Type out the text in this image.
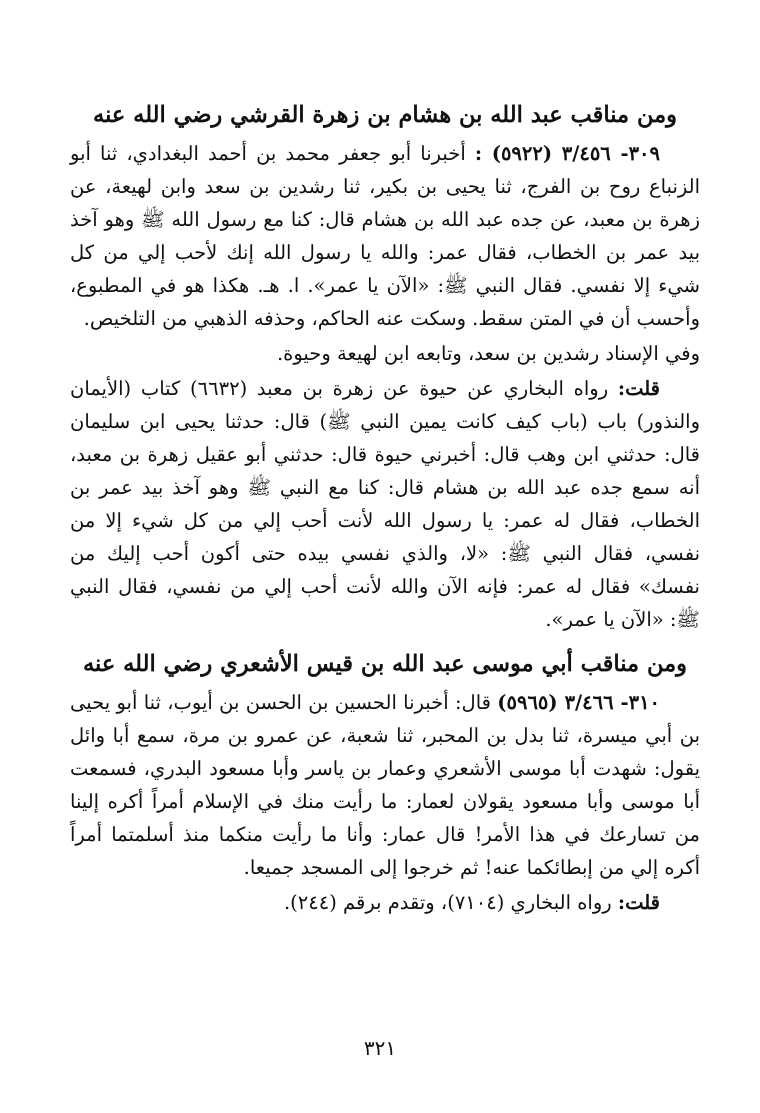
ومن مناقب عبد الله بن هشام بن زهرة القرشي رضي الله عنه

٣٠٩- ٣/٤٥٦ (٥٩٢٢) : أخبرنا أبو جعفر محمد بن أحمد البغدادي، ثنا أبو الزنباع روح بن الفرج، ثنا يحيى بن بكير، ثنا رشدين بن سعد وابن لهيعة، عن زهرة بن معبد، عن جده عبد الله بن هشام قال: كنا مع رسول الله ﷺ وهو آخذ بيد عمر بن الخطاب، فقال عمر: والله يا رسول الله إنك لأحب إلي من كل شيء إلا نفسي. فقال النبي ﷺ: «الآن يا عمر». ا. هـ. هكذا هو في المطبوع، وأحسب أن في المتن سقط. وسكت عنه الحاكم، وحذفه الذهبي من التلخيص.

وفي الإسناد رشدين بن سعد، وتابعه ابن لهيعة وحيوة.

قلت: رواه البخاري عن حيوة عن زهرة بن معبد (٦٦٣٢) كتاب (الأيمان والنذور) باب (باب كيف كانت يمين النبي ﷺ) قال: حدثنا يحيى ابن سليمان قال: حدثني ابن وهب قال: أخبرني حيوة قال: حدثني أبو عقيل زهرة بن معبد، أنه سمع جده عبد الله بن هشام قال: كنا مع النبي ﷺ وهو آخذ بيد عمر بن الخطاب، فقال له عمر: يا رسول الله لأنت أحب إلي من كل شيء إلا من نفسي، فقال النبي ﷺ: «لا، والذي نفسي بيده حتى أكون أحب إليك من نفسك» فقال له عمر: فإنه الآن والله لأنت أحب إلي من نفسي، فقال النبي ﷺ: «الآن يا عمر».

ومن مناقب أبي موسى عبد الله بن قيس الأشعري رضي الله عنه

٣١٠- ٣/٤٦٦ (٥٩٦٥) قال: أخبرنا الحسين بن الحسن بن أيوب، ثنا أبو يحيى بن أبي ميسرة، ثنا بدل بن المحبر، ثنا شعبة، عن عمرو بن مرة، سمع أبا وائل يقول: شهدت أبا موسى الأشعري وعمار بن ياسر وأبا مسعود البدري، فسمعت أبا موسى وأبا مسعود يقولان لعمار: ما رأيت منك في الإسلام أمراً أكره إلينا من تسارعك في هذا الأمر! قال عمار: وأنا ما رأيت منكما منذ أسلمتما أمراً أكره إلي من إبطائكما عنه! ثم خرجوا إلى المسجد جميعا.

قلت: رواه البخاري (٧١٠٤)، وتقدم برقم (٢٤٤).

٣٢١
